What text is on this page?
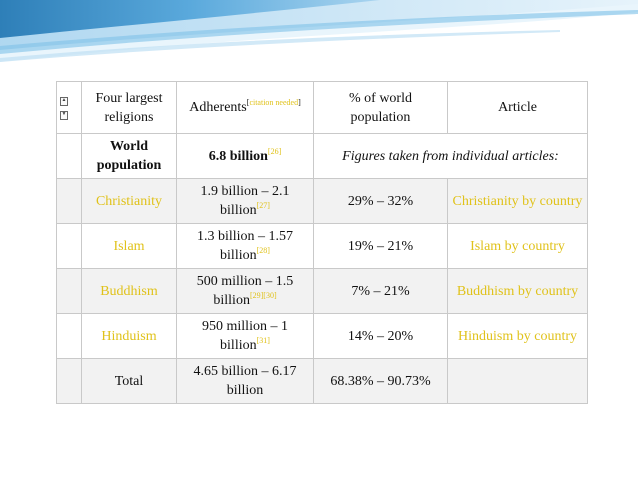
▲
▼	Four largest religions	Adherents[citation needed]	% of world population	Article
	World population	6.8 billion[26]	Figures taken from individual articles:	
	Christianity	1.9 billion – 2.1
billion[27]	29% – 32%	Christianity by country
	Islam	1.3 billion – 1.57
billion[28]	19% – 21%	Islam by country
	Buddhism	500 million – 1.5
billion[29][30]	7% – 21%	Buddhism by country
	Hinduism	950 million – 1
billion[31]	14% – 20%	Hinduism by country
	Total	4.65 billion – 6.17 billion	68.38% – 90.73%	
